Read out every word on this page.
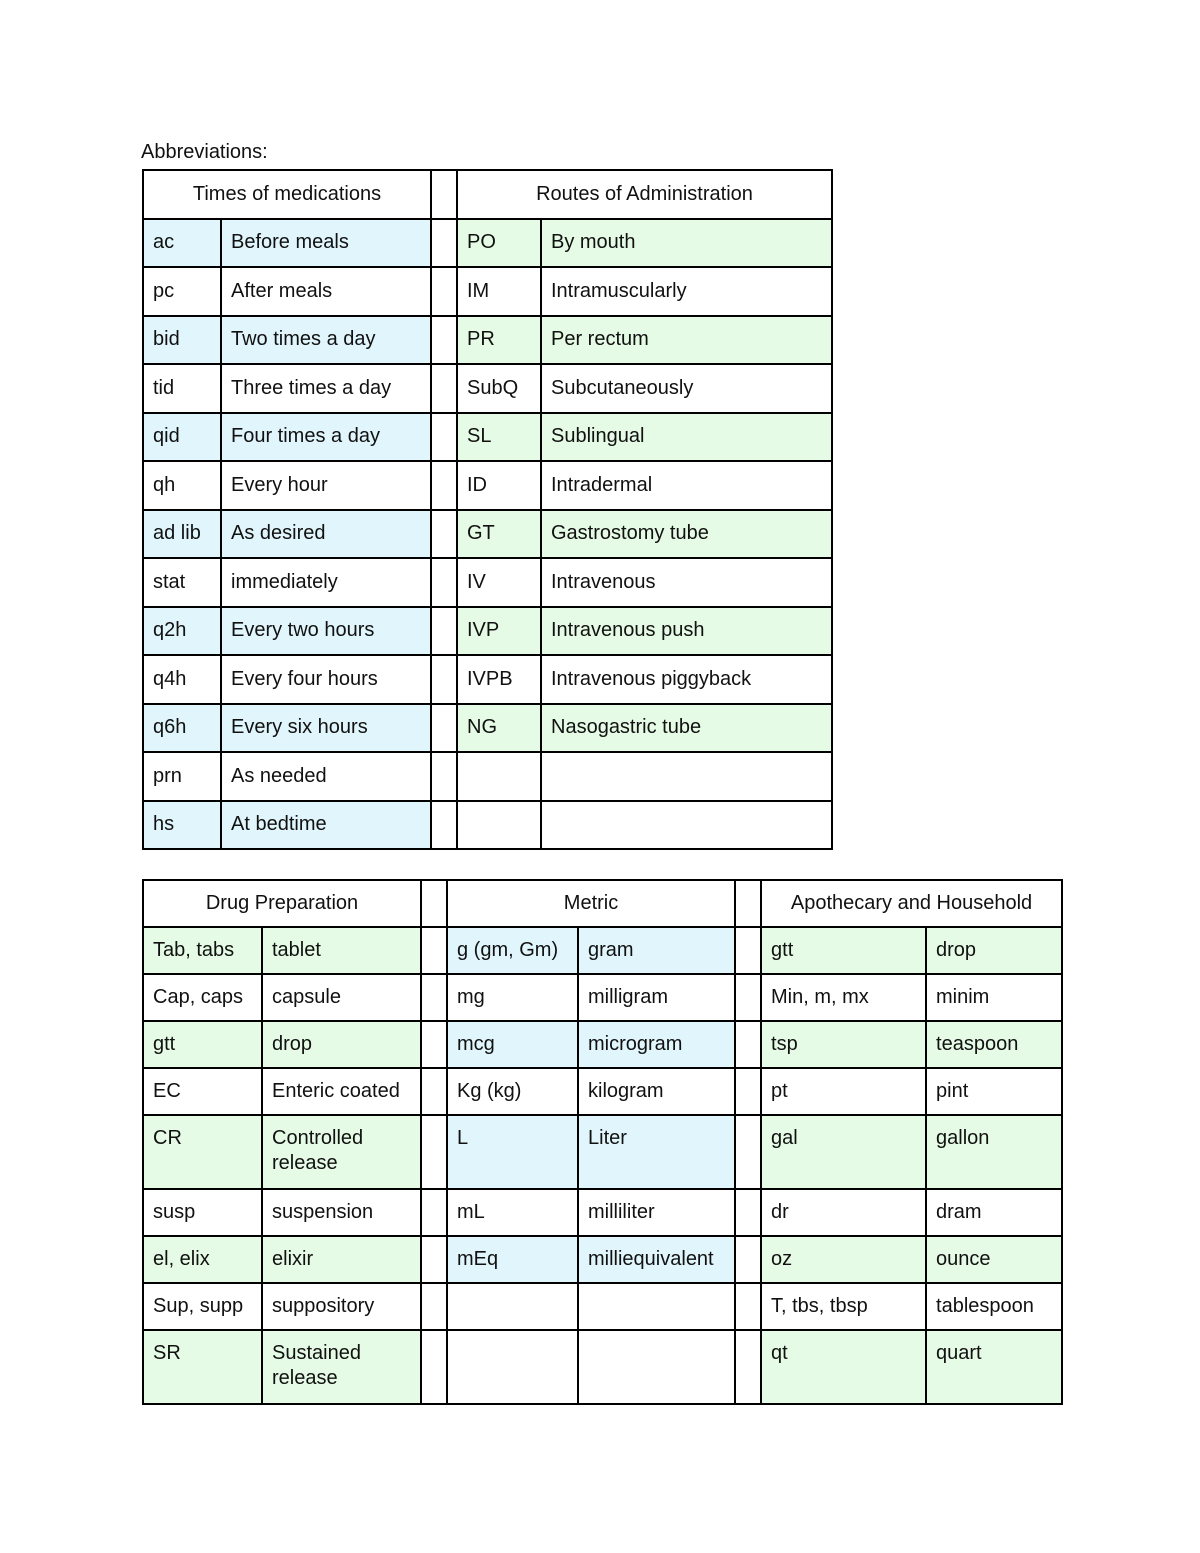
Abbreviations:
Times of medications			Routes of Administration	
ac	Before meals		PO	By mouth
pc	After meals		IM	Intramuscularly
bid	Two times a day		PR	Per rectum
tid	Three times a day		SubQ	Subcutaneously
qid	Four times a day		SL	Sublingual
qh	Every hour		ID	Intradermal
ad lib	As desired		GT	Gastrostomy tube
stat	immediately		IV	Intravenous
q2h	Every two hours		IVP	Intravenous push
q4h	Every four hours		IVPB	Intravenous piggyback
q6h	Every six hours		NG	Nasogastric tube
prn	As needed			
hs	At bedtime			
Drug Preparation			Metric			Apothecary and Household	
Tab, tabs	tablet		g (gm, Gm)	gram		gtt	drop
Cap, caps	capsule		mg	milligram		Min, m, mx	minim
gtt	drop		mcg	microgram		tsp	teaspoon
EC	Enteric coated		Kg (kg)	kilogram		pt	pint
CR	Controlled release		L	Liter		gal	gallon
susp	suspension		mL	milliliter		dr	dram
el, elix	elixir		mEq	milliequivalent		oz	ounce
Sup, supp	suppository					T, tbs, tbsp	tablespoon
SR	Sustained release					qt	quart
